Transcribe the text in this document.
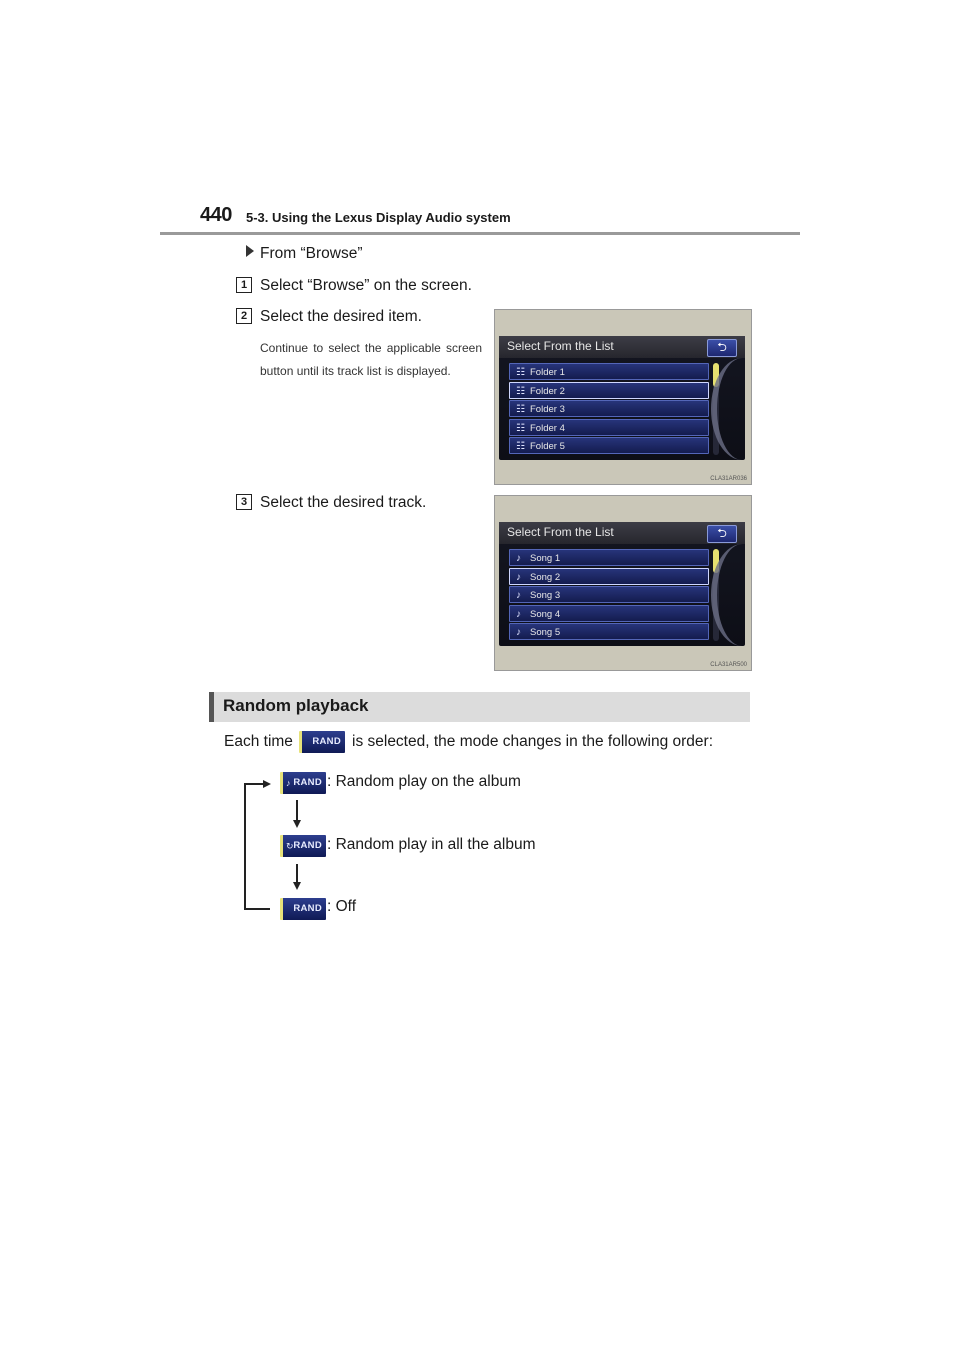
440 5-3. Using the Lexus Display Audio system
From “Browse”
1 Select “Browse” on the screen.
2 Select the desired item.
Continue to select the applicable screen button until its track list is displayed.
3 Select the desired track.
Select From the List	⮌
☷ Folder 1
☷ Folder 2
☷ Folder 3
☷ Folder 4
☷ Folder 5
CLA31AR036
Select From the List	⮌
♪ Song 1
♪ Song 2
♪ Song 3
♪ Song 4
♪ Song 5
CLA31AR500
Random playback
Each time	RAND is selected, the mode changes in the following order:
♪ RAND : Random play on the album
↻ RAND : Random play in all the album
RAND : Off
